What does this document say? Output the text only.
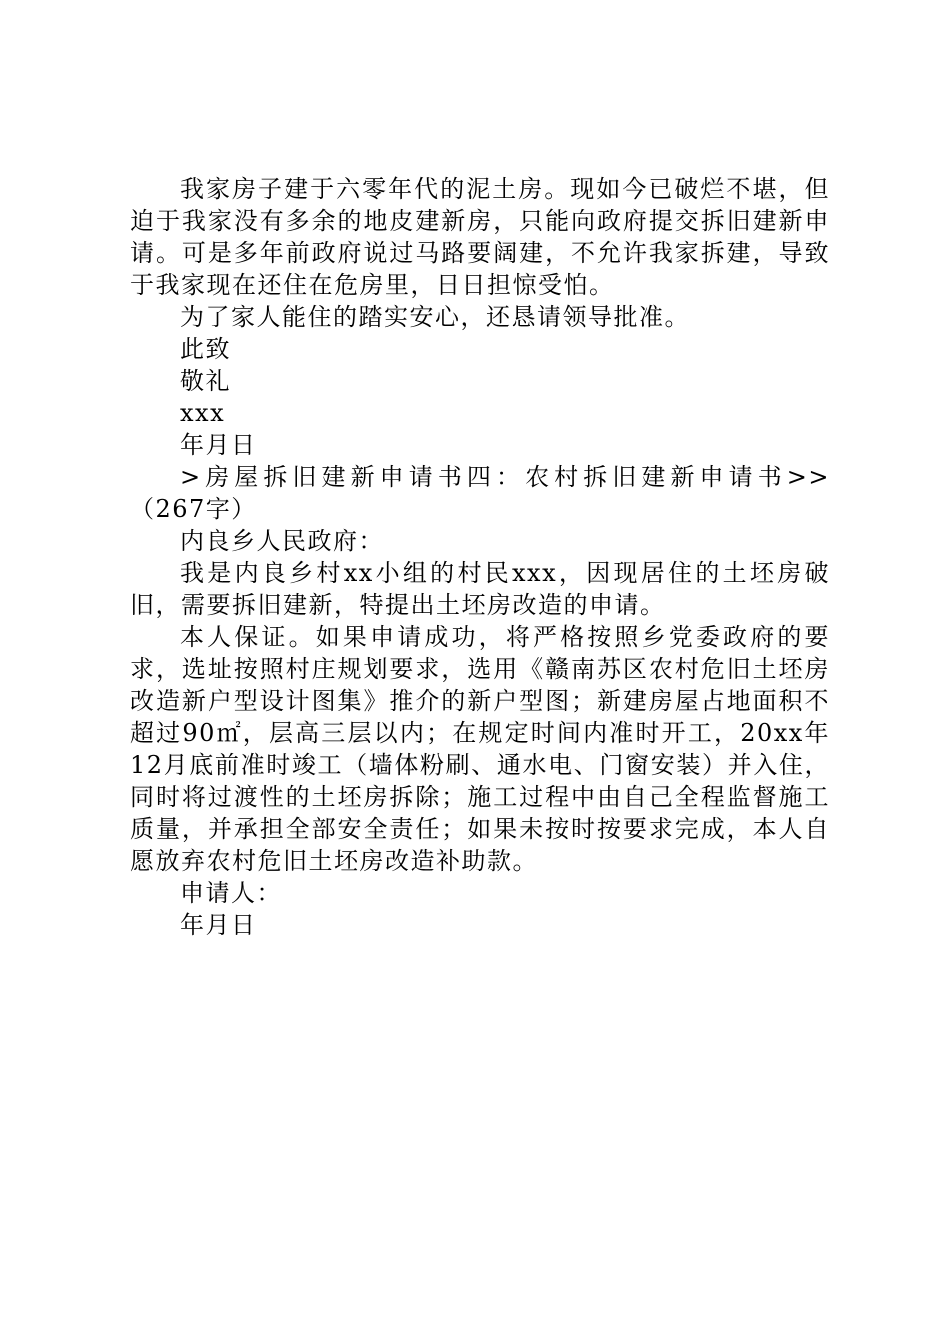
我家房子建于六零年代的泥土房。现如今已破烂不堪，但迫于我家没有多余的地皮建新房，只能向政府提交拆旧建新申请。可是多年前政府说过马路要阔建，不允许我家拆建，导致于我家现在还住在危房里，日日担惊受怕。

为了家人能住的踏实安心，还恳请领导批准。

此致

敬礼

xxx

年月日

>房屋拆旧建新申请书四：农村拆旧建新申请书>>（267字）

内良乡人民政府：

我是内良乡村xx小组的村民xxx，因现居住的土坯房破旧，需要拆旧建新，特提出土坯房改造的申请。

本人保证。如果申请成功，将严格按照乡党委政府的要求，选址按照村庄规划要求，选用《赣南苏区农村危旧土坯房改造新户型设计图集》推介的新户型图；新建房屋占地面积不超过90㎡，层高三层以内；在规定时间内准时开工，20xx年12月底前准时竣工（墙体粉刷、通水电、门窗安装）并入住，同时将过渡性的土坯房拆除；施工过程中由自己全程监督施工质量，并承担全部安全责任；如果未按时按要求完成，本人自愿放弃农村危旧土坯房改造补助款。

申请人：

年月日
